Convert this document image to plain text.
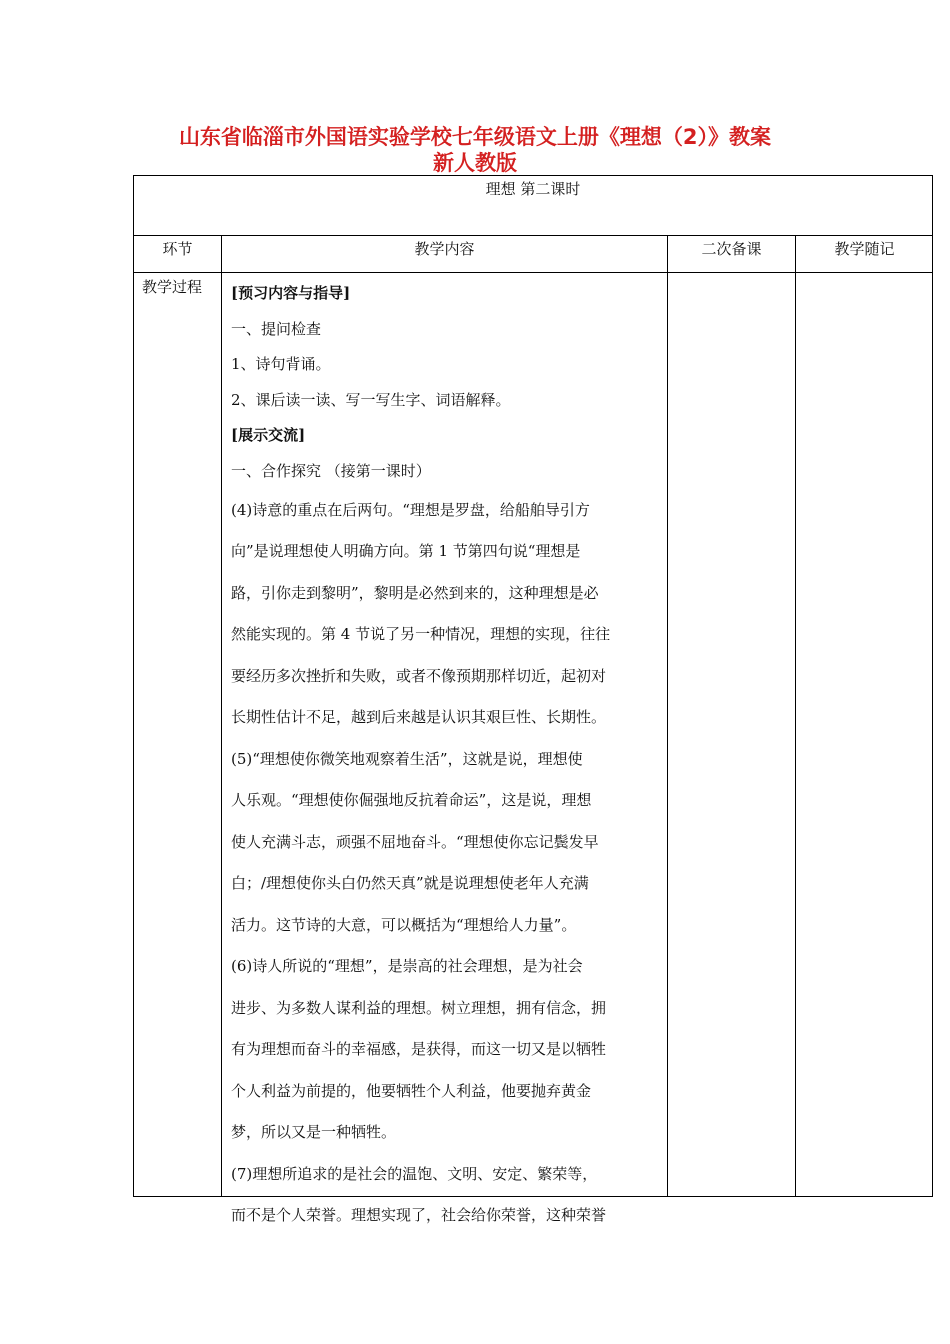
山东省临淄市外国语实验学校七年级语文上册《理想（2）》教案
新人教版
理想 第二课时
环节	教学内容	二次备课	教学随记
教学过程 [预习内容与指导]

一、提问检查

1、诗句背诵。

2、课后读一读、写一写生字、词语解释。

[展示交流]

一、合作探究 （接第一课时）

(4)诗意的重点在后两句。“理想是罗盘，给船舶导引方

向”是说理想使人明确方向。第 1 节第四句说“理想是

路，引你走到黎明”，黎明是必然到来的，这种理想是必

然能实现的。第 4 节说了另一种情况，理想的实现，往往

要经历多次挫折和失败，或者不像预期那样切近，起初对

长期性估计不足，越到后来越是认识其艰巨性、长期性。

(5)“理想使你微笑地观察着生活”，这就是说，理想使

人乐观。“理想使你倔强地反抗着命运”，这是说，理想

使人充满斗志，顽强不屈地奋斗。“理想使你忘记鬓发早

白；/理想使你头白仍然天真”就是说理想使老年人充满

活力。这节诗的大意，可以概括为“理想给人力量”。

(6)诗人所说的“理想”，是崇高的社会理想，是为社会

进步、为多数人谋利益的理想。树立理想，拥有信念，拥

有为理想而奋斗的幸福感，是获得，而这一切又是以牺牲

个人利益为前提的，他要牺牲个人利益，他要抛弃黄金

梦，所以又是一种牺牲。

(7)理想所追求的是社会的温饱、文明、安定、繁荣等，

而不是个人荣誉。理想实现了，社会给你荣誉，这种荣誉
